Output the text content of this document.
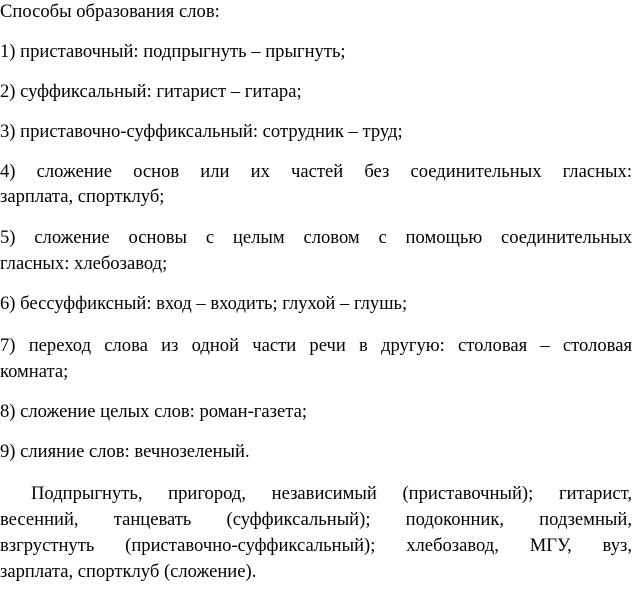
Способы образования слов:
1) приставочный: подпрыгнуть – прыгнуть;
2) суффиксальный: гитарист – гитара;
3) приставочно-суффиксальный: сотрудник – труд;
4) сложение основ или их частей без соединительных гласных:
зарплата, спортклуб;
5) сложение основы с целым словом с помощью соединительных
гласных: хлебозавод;
6) бессуффиксный: вход – входить; глухой – глушь;
7) переход слова из одной части речи в другую: столовая – столовая
комната;
8) сложение целых слов: роман-газета;
9) слияние слов: вечнозеленый.
Подпрыгнуть, пригород, независимый (приставочный); гитарист,
весенний, танцевать (суффиксальный); подоконник, подземный,
взгрустнуть (приставочно-суффиксальный); хлебозавод, МГУ, вуз,
зарплата, спортклуб (сложение).
